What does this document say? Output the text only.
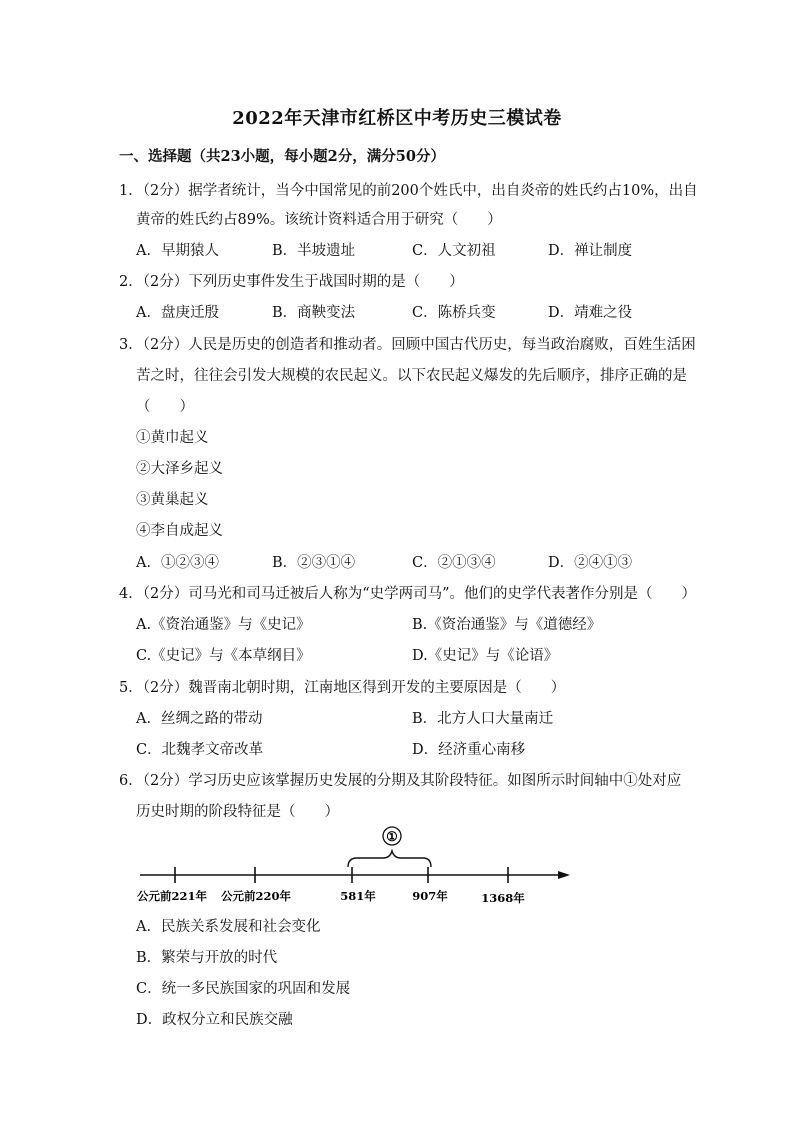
2022年天津市红桥区中考历史三模试卷
一、选择题（共23小题，每小题2分，满分50分）
1．（2分）据学者统计，当今中国常见的前200个姓氏中，出自炎帝的姓氏约占10%，出自
黄帝的姓氏约占89%。该统计资料适合用于研究（　　）
A．早期猿人	B．半坡遗址	C．人文初祖	D．禅让制度
2．（2分）下列历史事件发生于战国时期的是（　　）
A．盘庚迁殷	B．商鞅变法	C．陈桥兵变	D．靖难之役
3．（2分）人民是历史的创造者和推动者。回顾中国古代历史，每当政治腐败，百姓生活困
苦之时，往往会引发大规模的农民起义。以下农民起义爆发的先后顺序，排序正确的是
（　　）
①黄巾起义
②大泽乡起义
③黄巢起义
④李自成起义
A．①②③④	B．②③①④	C．②①③④	D．②④①③
4．（2分）司马光和司马迁被后人称为“史学两司马”。他们的史学代表著作分别是（　　）
A.《资治通鉴》与《史记》	B.《资治通鉴》与《道德经》
C.《史记》与《本草纲目》	D.《史记》与《论语》
5．（2分）魏晋南北朝时期，江南地区得到开发的主要原因是（　　）
A．丝绸之路的带动	B．北方人口大量南迁
C．北魏孝文帝改革	D．经济重心南移
6．（2分）学习历史应该掌握历史发展的分期及其阶段特征。如图所示时间轴中①处对应
历史时期的阶段特征是（　　）
①
公元前221年 公元前220年	581年	907年	1368年
A．民族关系发展和社会变化
B．繁荣与开放的时代
C．统一多民族国家的巩固和发展
D．政权分立和民族交融
